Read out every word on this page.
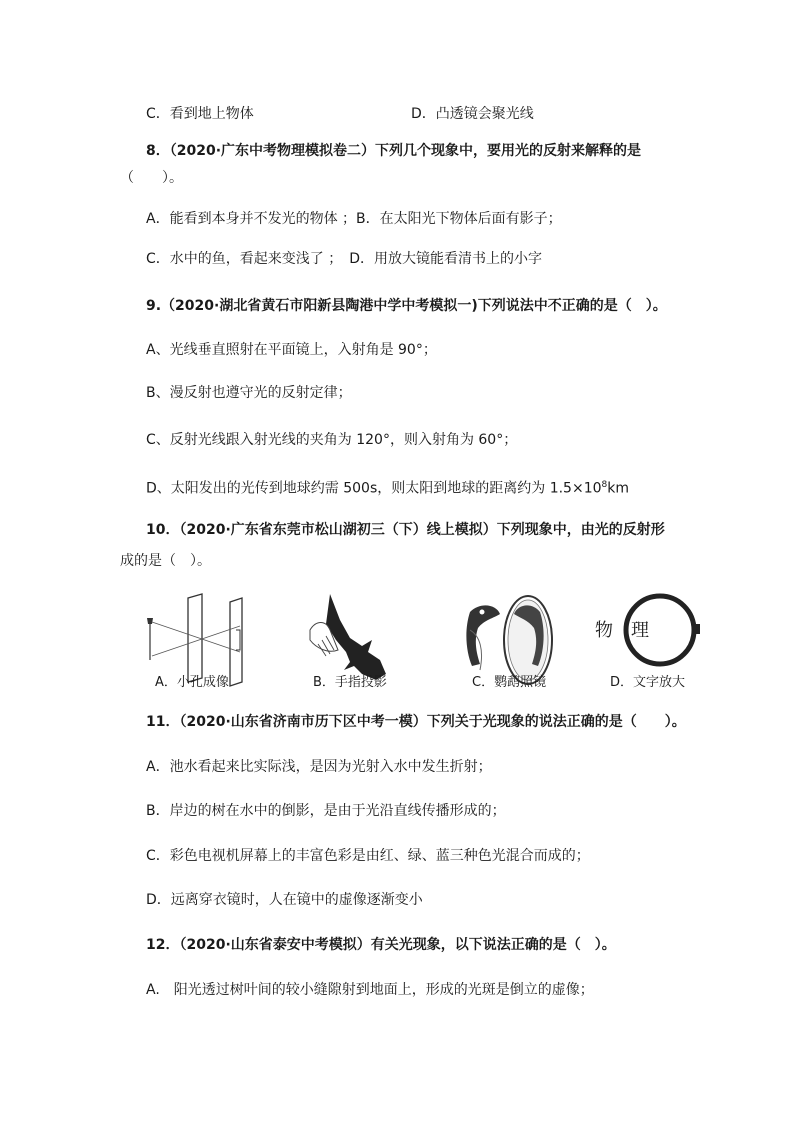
C．看到地上物体	D．凸透镜会聚光线
8．（2020·广东中考物理模拟卷二）下列几个现象中，要用光的反射来解释的是
（　　）。
A．能看到本身并不发光的物体 ；B．在太阳光下物体后面有影子；
C．水中的鱼，看起来变浅了 ；　D．用放大镜能看清书上的小字
9.（2020·湖北省黄石市阳新县陶港中学中考模拟一)下列说法中不正确的是（　）。
A、光线垂直照射在平面镜上，入射角是 90°；
B、漫反射也遵守光的反射定律；
C、反射光线跟入射光线的夹角为 120°，则入射角为 60°；
D、太阳发出的光传到地球约需 500s，则太阳到地球的距离约为 $1.5\times 10^8km$
10．（2020·广东省东莞市松山湖初三（下）线上模拟）下列现象中，由光的反射形
成的是（　）。
物　理
A．小孔成像	B．手指投影	C．鹦鹉照镜	D．文字放大
11．（2020·山东省济南市历下区中考一模）下列关于光现象的说法正确的是（　　）。
A．池水看起来比实际浅，是因为光射入水中发生折射；
B．岸边的树在水中的倒影，是由于光沿直线传播形成的；
C．彩色电视机屏幕上的丰富色彩是由红、绿、蓝三种色光混合而成的；
D．远离穿衣镜时，人在镜中的虚像逐渐变小
12．（2020·山东省泰安中考模拟）有关光现象，以下说法正确的是（　）。
A.　阳光透过树叶间的较小缝隙射到地面上，形成的光斑是倒立的虚像；
